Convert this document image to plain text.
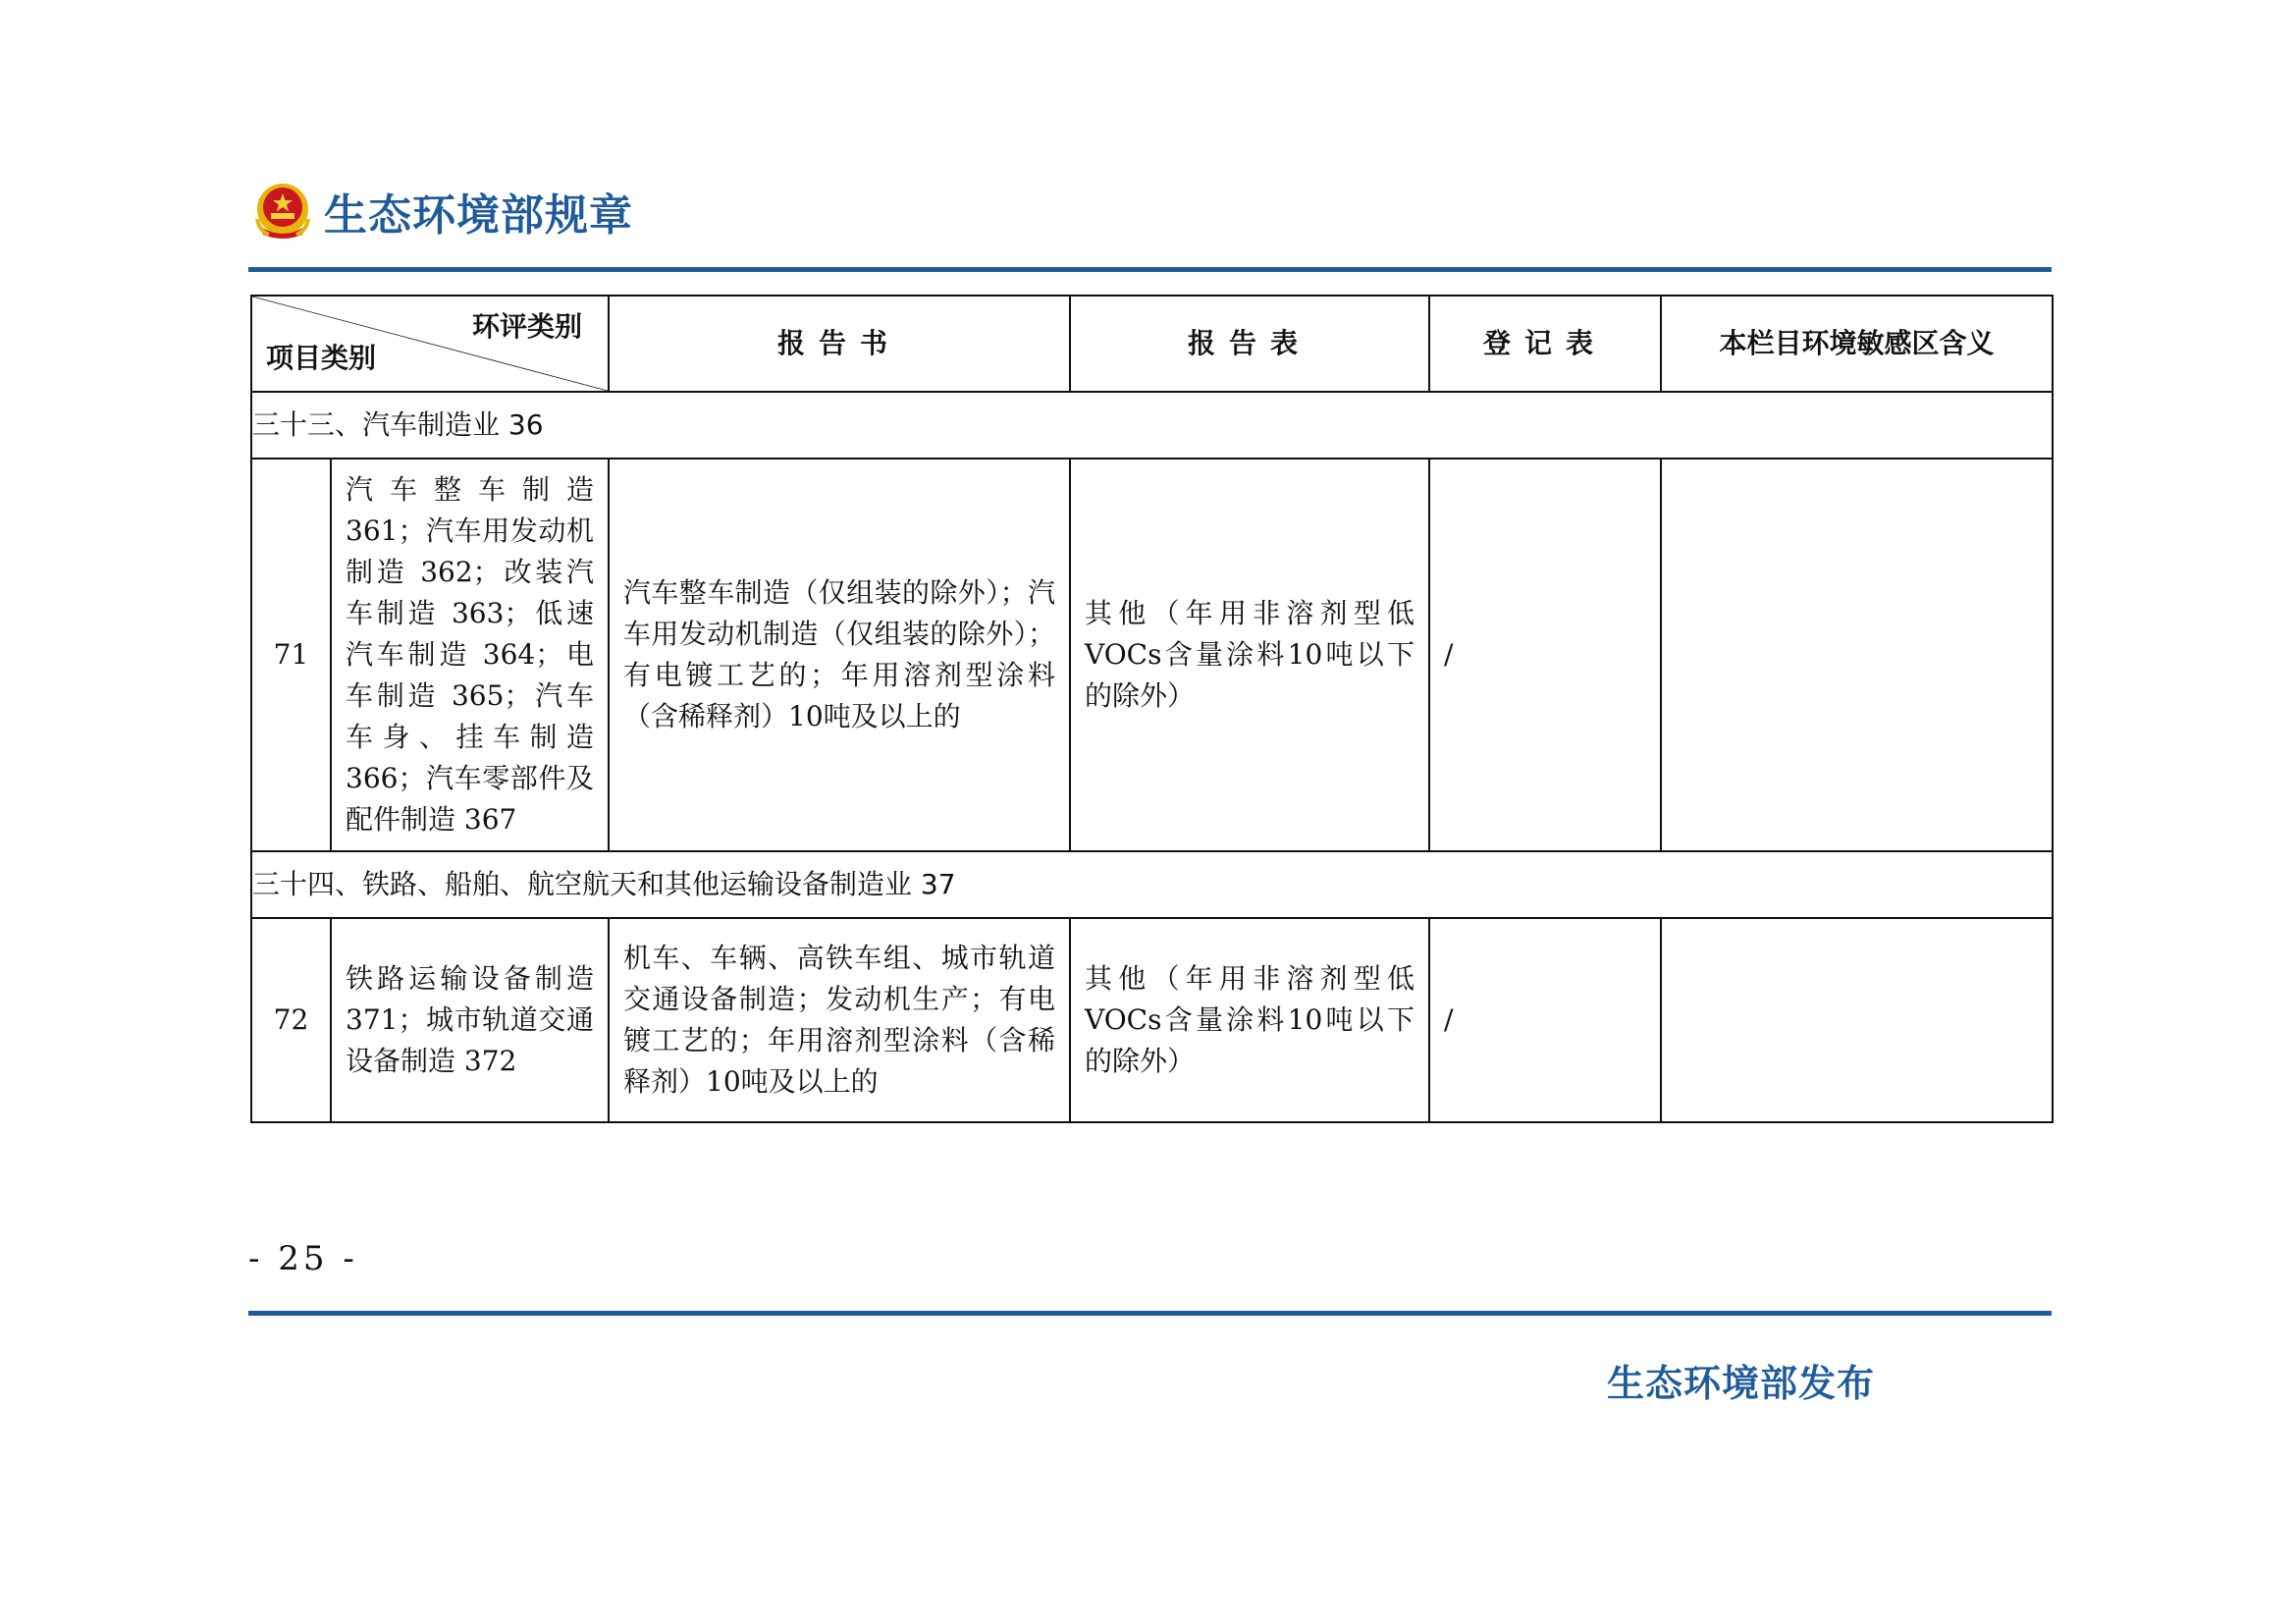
生态环境部规章
环评类别
项目类别		报告书	报告表	登记表	本栏目环境敏感区含义
三十三、汽车制造业 36					
71	汽车整车制造 361；汽车用发动机制造 362；改装汽车制造 363；低速汽车制造 364；电车制造 365；汽车车身、挂车制造 366；汽车零部件及配件制造 367	汽车整车制造（仅组装的除外）；汽车用发动机制造（仅组装的除外）；有电镀工艺的；年用溶剂型涂料（含稀释剂）10吨及以上的	其他（年用非溶剂型低VOCs含量涂料10吨以下的除外）	/	
三十四、铁路、船舶、航空航天和其他运输设备制造业 37					
72	铁路运输设备制造 371；城市轨道交通设备制造 372	机车、车辆、高铁车组、城市轨道交通设备制造；发动机生产；有电镀工艺的；年用溶剂型涂料（含稀释剂）10吨及以上的	其他（年用非溶剂型低VOCs含量涂料10吨以下的除外）	/	
- 25 -
生态环境部发布
